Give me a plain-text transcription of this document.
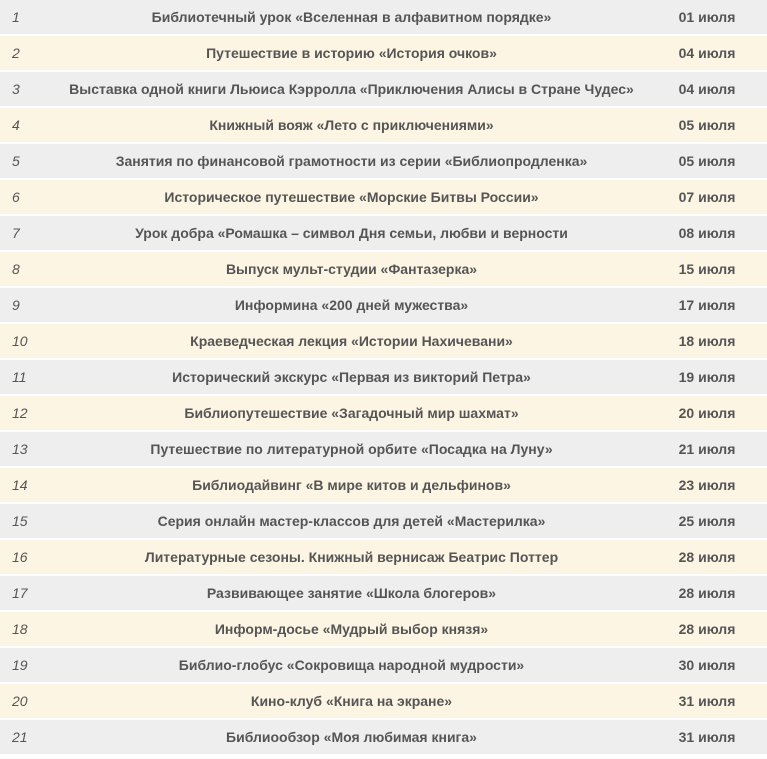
1	Библиотечный урок «Вселенная в алфавитном порядке»	01 июля
2	Путешествие в историю «История очков»	04 июля
3	Выставка одной книги Льюиса Кэрролла «Приключения Алисы в Стране Чудес»	04 июля
4	Книжный вояж «Лето с приключениями»	05 июля
5	Занятия по финансовой грамотности из серии «Библиопродленка»	05 июля
6	Историческое путешествие «Морские Битвы России»	07 июля
7	Урок добра «Ромашка – символ Дня семьи, любви и верности	08 июля
8	Выпуск мульт-студии «Фантазерка»	15 июля
9	Информина «200 дней мужества»	17 июля
10	Краеведческая лекция «Истории Нахичевани»	18 июля
11	Исторический экскурс «Первая из викторий Петра»	19 июля
12	Библиопутешествие «Загадочный мир шахмат»	20 июля
13	Путешествие по литературной орбите «Посадка на Луну»	21 июля
14	Библиодайвинг «В мире китов и дельфинов»	23 июля
15	Серия онлайн мастер-классов для детей «Мастерилка»	25 июля
16	Литературные сезоны. Книжный вернисаж Беатрис Поттер	28 июля
17	Развивающее занятие «Школа блогеров»	28 июля
18	Информ-досье «Мудрый выбор князя»	28 июля
19	Библио-глобус «Сокровища народной мудрости»	30 июля
20	Кино-клуб «Книга на экране»	31 июля
21	Библиообзор «Моя любимая книга»	31 июля
